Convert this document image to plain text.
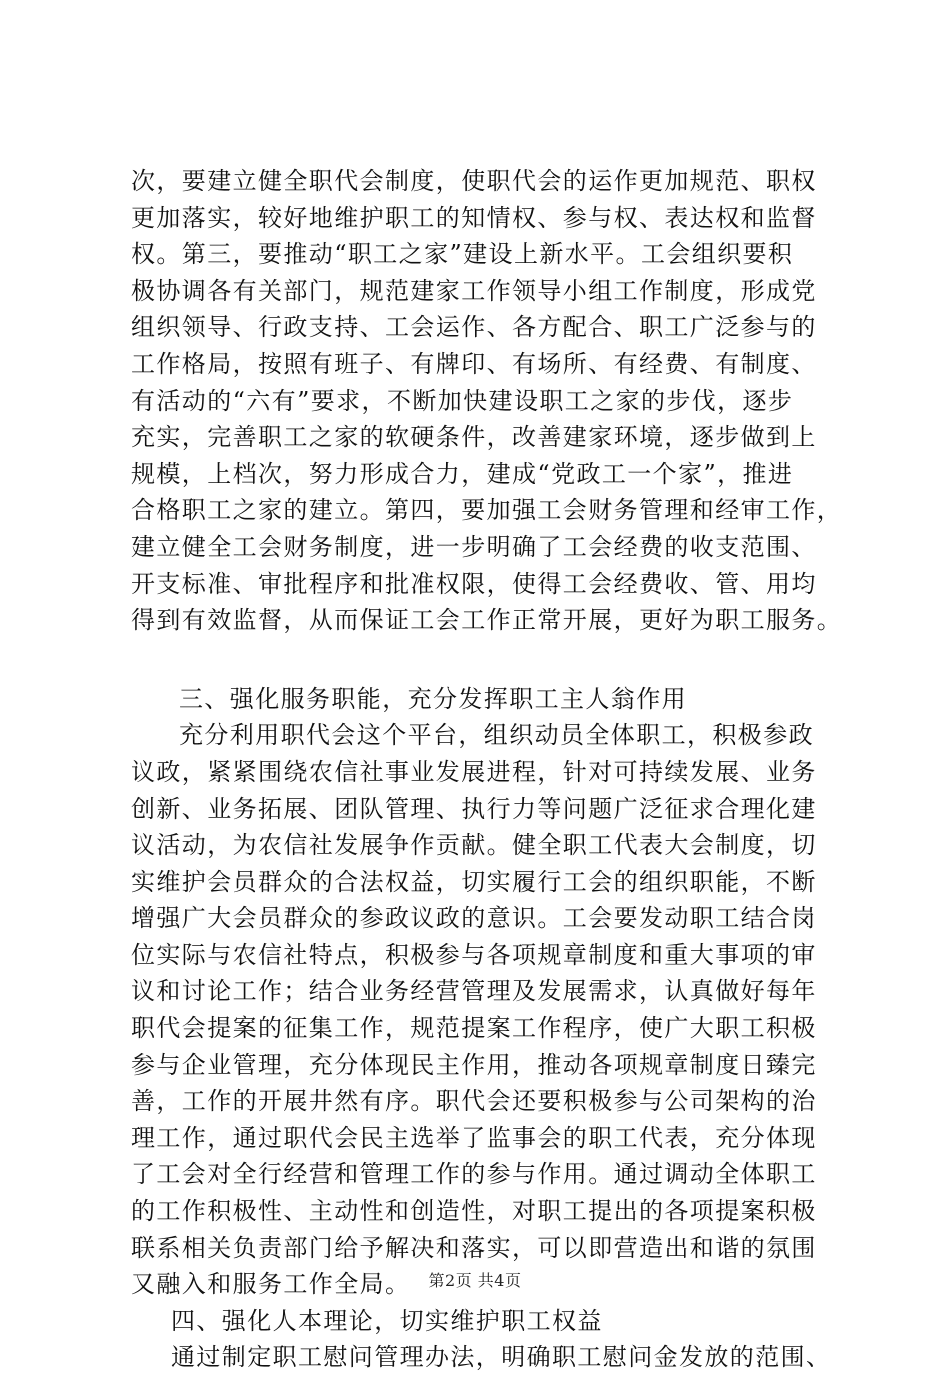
次，要建立健全职代会制度，使职代会的运作更加规范、职权
更加落实，较好地维护职工的知情权、参与权、表达权和监督
权。第三，要推动“职工之家”建设上新水平。工会组织要积
极协调各有关部门，规范建家工作领导小组工作制度，形成党
组织领导、行政支持、工会运作、各方配合、职工广泛参与的
工作格局，按照有班子、有牌印、有场所、有经费、有制度、
有活动的“六有”要求，不断加快建设职工之家的步伐，逐步
充实，完善职工之家的软硬条件，改善建家环境，逐步做到上
规模，上档次，努力形成合力，建成“党政工一个家”，推进
合格职工之家的建立。第四，要加强工会财务管理和经审工作，
建立健全工会财务制度，进一步明确了工会经费的收支范围、
开支标准、审批程序和批准权限，使得工会经费收、管、用均
得到有效监督，从而保证工会工作正常开展，更好为职工服务。
三、强化服务职能，充分发挥职工主人翁作用
充分利用职代会这个平台，组织动员全体职工，积极参政
议政，紧紧围绕农信社事业发展进程，针对可持续发展、业务
创新、业务拓展、团队管理、执行力等问题广泛征求合理化建
议活动，为农信社发展争作贡献。健全职工代表大会制度，切
实维护会员群众的合法权益，切实履行工会的组织职能，不断
增强广大会员群众的参政议政的意识。工会要发动职工结合岗
位实际与农信社特点，积极参与各项规章制度和重大事项的审
议和讨论工作；结合业务经营管理及发展需求，认真做好每年
职代会提案的征集工作，规范提案工作程序，使广大职工积极
参与企业管理，充分体现民主作用，推动各项规章制度日臻完
善，工作的开展井然有序。职代会还要积极参与公司架构的治
理工作，通过职代会民主选举了监事会的职工代表，充分体现
了工会对全行经营和管理工作的参与作用。通过调动全体职工
的工作积极性、主动性和创造性，对职工提出的各项提案积极
联系相关负责部门给予解决和落实，可以即营造出和谐的氛围
又融入和服务工作全局。
四、强化人本理论，切实维护职工权益
通过制定职工慰问管理办法，明确职工慰问金发放的范围、
第2页 共4页
